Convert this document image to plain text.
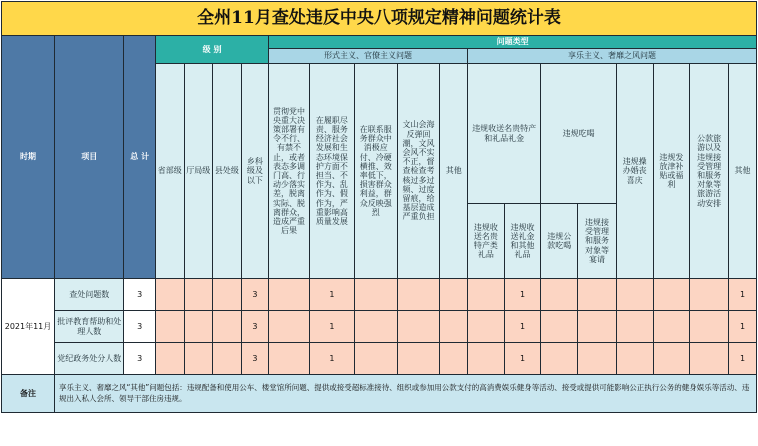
全州11月查处违反中央八项规定精神问题统计表																			
时期	项目	总 计	级 别				问题类型												
							形式主义、官僚主义问题					享乐主义、奢靡之风问题							
			省部级	厅局级	县处级	乡科级及以下	贯彻党中央重大决策部署有令不行、有禁不止，或者表态多调门高、行动少落实差，脱离实际、脱离群众，造成严重后果	在履职尽责、服务经济社会发展和生态环境保护方面不担当、不作为、乱作为、假作为，严重影响高质量发展	在联系服务群众中消极应付、冷硬横推、效率低下，损害群众利益，群众反映强烈	文山会海反弹回潮，文风会风不实不正，督查检查考核过多过频、过度留痕，给基层造成严重负担	其他	违规收送名贵特产和礼品礼金		违规吃喝		违规操办婚丧喜庆	违规发放津补贴或福利	公款旅游以及违规接受管理和服务对象等旅游活动安排	其他

												违规收送名贵特产类礼品	违规收送礼金和其他礼品	违规公款吃喝	违规接受管理和服务对象等宴请				
2021年11月	查处问题数	3				3		1					1						1
	批评教育帮助和处理人数	3				3		1					1						1
	党纪政务处分人数	3				3		1					1						1
备注	享乐主义、奢靡之风“其他”问题包括：违规配备和使用公车、楼堂馆所问题、提供或接受超标准接待、组织或参加用公款支付的高消费娱乐健身等活动、接受或提供可能影响公正执行公务的健身娱乐等活动、违规出入私人会所、领导干部住房违规。																		
